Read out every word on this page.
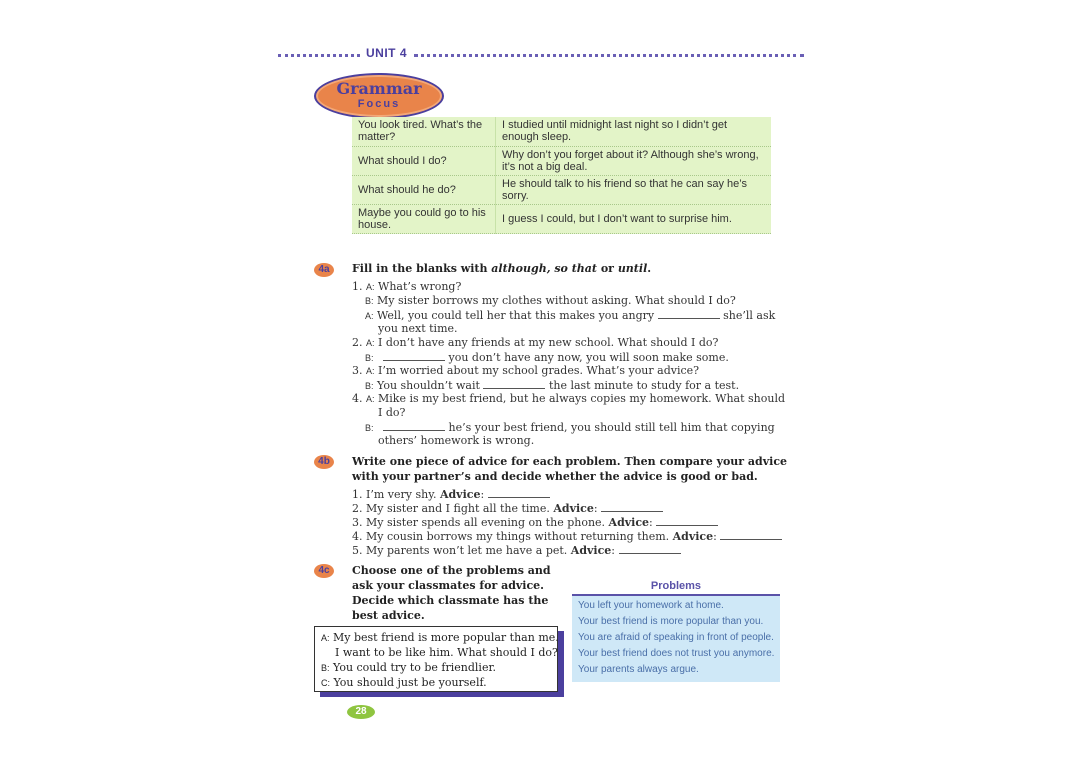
UNIT 4
Grammar
Focus
You look tired. What’s the matter?	I studied until midnight last night so I didn’t get enough sleep.
What should I do?	Why don’t you forget about it? Although she’s wrong, it’s not a big deal.
What should he do?	He should talk to his friend so that he can say he’s sorry.
Maybe you could go to his house.	I guess I could, but I don’t want to surprise him.
4a	Fill in the blanks with although, so that or until.
1. A: What’s wrong?
B: My sister borrows my clothes without asking. What should I do?
A: Well, you could tell her that this makes you angry	she’ll ask
you next time.
2. A: I don’t have any friends at my new school. What should I do?
B:	you don’t have any now, you will soon make some.
3. A: I’m worried about my school grades. What’s your advice?
B: You shouldn’t wait	the last minute to study for a test.
4. A: Mike is my best friend, but he always copies my homework. What should
I do?
B:	he’s your best friend, you should still tell him that copying
others’ homework is wrong.
4b	Write one piece of advice for each problem. Then compare your advice
with your partner’s and decide whether the advice is good or bad.
1. I’m very shy. Advice:
2. My sister and I fight all the time. Advice:
3. My sister spends all evening on the phone. Advice:
4. My cousin borrows my things without returning them. Advice:
5. My parents won’t let me have a pet. Advice:
4c	Choose one of the problems and
ask your classmates for advice.
Decide which classmate has the
best advice.
A: My best friend is more popular than me.
I want to be like him. What should I do?
B: You could try to be friendlier.
C: You should just be yourself.
Problems
You left your homework at home.
Your best friend is more popular than you.
You are afraid of speaking in front of people.
Your best friend does not trust you anymore.
Your parents always argue.
28
